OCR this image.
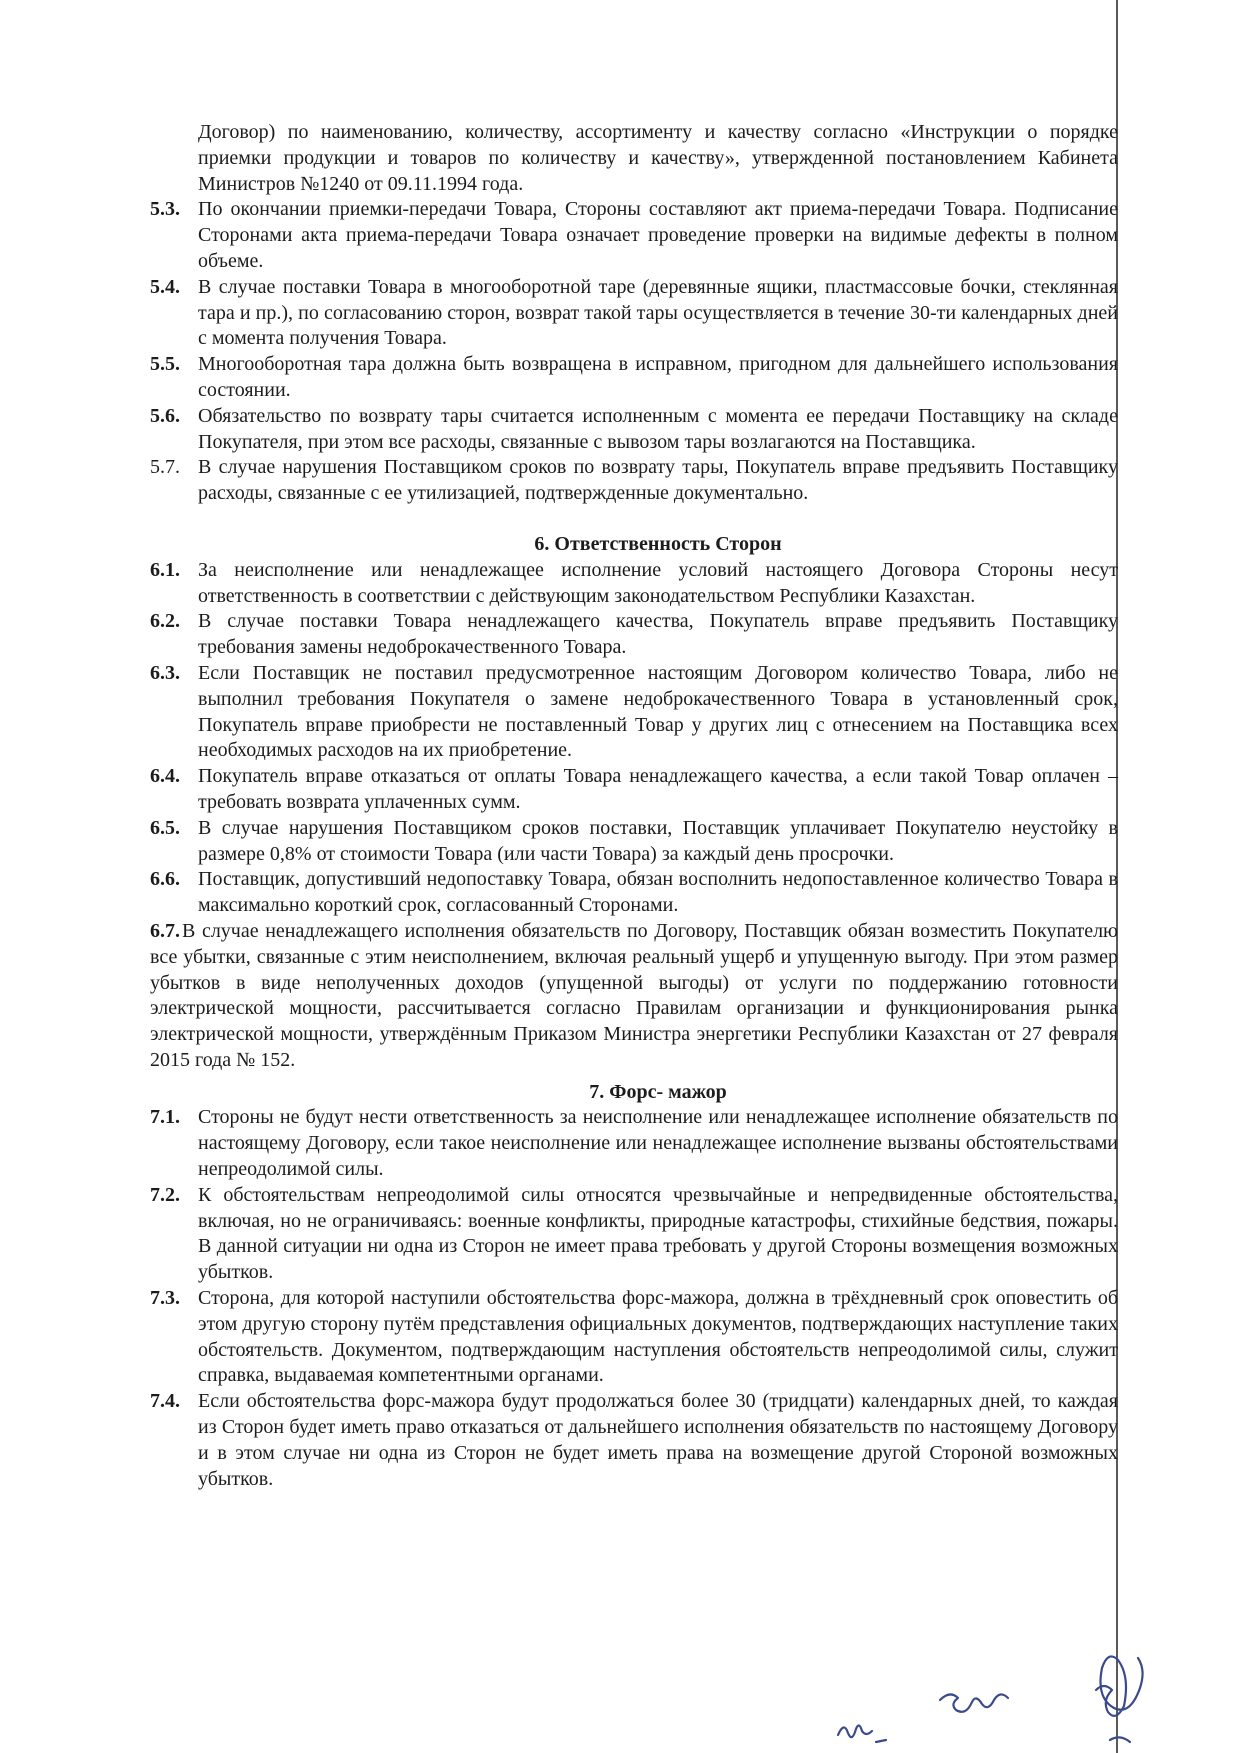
Договор) по наименованию, количеству, ассортименту и качеству согласно «Инструкции о порядке приемки продукции и товаров по количеству и качеству», утвержденной постановлением Кабинета Министров №1240 от 09.11.1994 года.
5.3. По окончании приемки-передачи Товара, Стороны составляют акт приема-передачи Товара. Подписание Сторонами акта приема-передачи Товара означает проведение проверки на видимые дефекты в полном объеме.
5.4. В случае поставки Товара в многооборотной таре (деревянные ящики, пластмассовые бочки, стеклянная тара и пр.), по согласованию сторон, возврат такой тары осуществляется в течение 30-ти календарных дней с момента получения Товара.
5.5. Многооборотная тара должна быть возвращена в исправном, пригодном для дальнейшего использования состоянии.
5.6. Обязательство по возврату тары считается исполненным с момента ее передачи Поставщику на складе Покупателя, при этом все расходы, связанные с вывозом тары возлагаются на Поставщика.
5.7. В случае нарушения Поставщиком сроков по возврату тары, Покупатель вправе предъявить Поставщику расходы, связанные с ее утилизацией, подтвержденные документально.
6. Ответственность Сторон
6.1. За неисполнение или ненадлежащее исполнение условий настоящего Договора Стороны несут ответственность в соответствии с действующим законодательством Республики Казахстан.
6.2. В случае поставки Товара ненадлежащего качества, Покупатель вправе предъявить Поставщику требования замены недоброкачественного Товара.
6.3. Если Поставщик не поставил предусмотренное настоящим Договором количество Товара, либо не выполнил требования Покупателя о замене недоброкачественного Товара в установленный срок, Покупатель вправе приобрести не поставленный Товар у других лиц с отнесением на Поставщика всех необходимых расходов на их приобретение.
6.4. Покупатель вправе отказаться от оплаты Товара ненадлежащего качества, а если такой Товар оплачен – требовать возврата уплаченных сумм.
6.5. В случае нарушения Поставщиком сроков поставки, Поставщик уплачивает Покупателю неустойку в размере 0,8% от стоимости Товара (или части Товара) за каждый день просрочки.
6.6. Поставщик, допустивший недопоставку Товара, обязан восполнить недопоставленное количество Товара в максимально короткий срок, согласованный Сторонами.
6.7. В случае ненадлежащего исполнения обязательств по Договору, Поставщик обязан возместить Покупателю все убытки, связанные с этим неисполнением, включая реальный ущерб и упущенную выгоду. При этом размер убытков в виде неполученных доходов (упущенной выгоды) от услуги по поддержанию готовности электрической мощности, рассчитывается согласно Правилам организации и функционирования рынка электрической мощности, утверждённым Приказом Министра энергетики Республики Казахстан от 27 февраля 2015 года № 152.
7. Форс- мажор
7.1. Стороны не будут нести ответственность за неисполнение или ненадлежащее исполнение обязательств по настоящему Договору, если такое неисполнение или ненадлежащее исполнение вызваны обстоятельствами непреодолимой силы.
7.2. К обстоятельствам непреодолимой силы относятся чрезвычайные и непредвиденные обстоятельства, включая, но не ограничиваясь: военные конфликты, природные катастрофы, стихийные бедствия, пожары. В данной ситуации ни одна из Сторон не имеет права требовать у другой Стороны возмещения возможных убытков.
7.3. Сторона, для которой наступили обстоятельства форс-мажора, должна в трёхдневный срок оповестить об этом другую сторону путём представления официальных документов, подтверждающих наступление таких обстоятельств. Документом, подтверждающим наступления обстоятельств непреодолимой силы, служит справка, выдаваемая компетентными органами.
7.4. Если обстоятельства форс-мажора будут продолжаться более 30 (тридцати) календарных дней, то каждая из Сторон будет иметь право отказаться от дальнейшего исполнения обязательств по настоящему Договору и в этом случае ни одна из Сторон не будет иметь права на возмещение другой Стороной возможных убытков.
